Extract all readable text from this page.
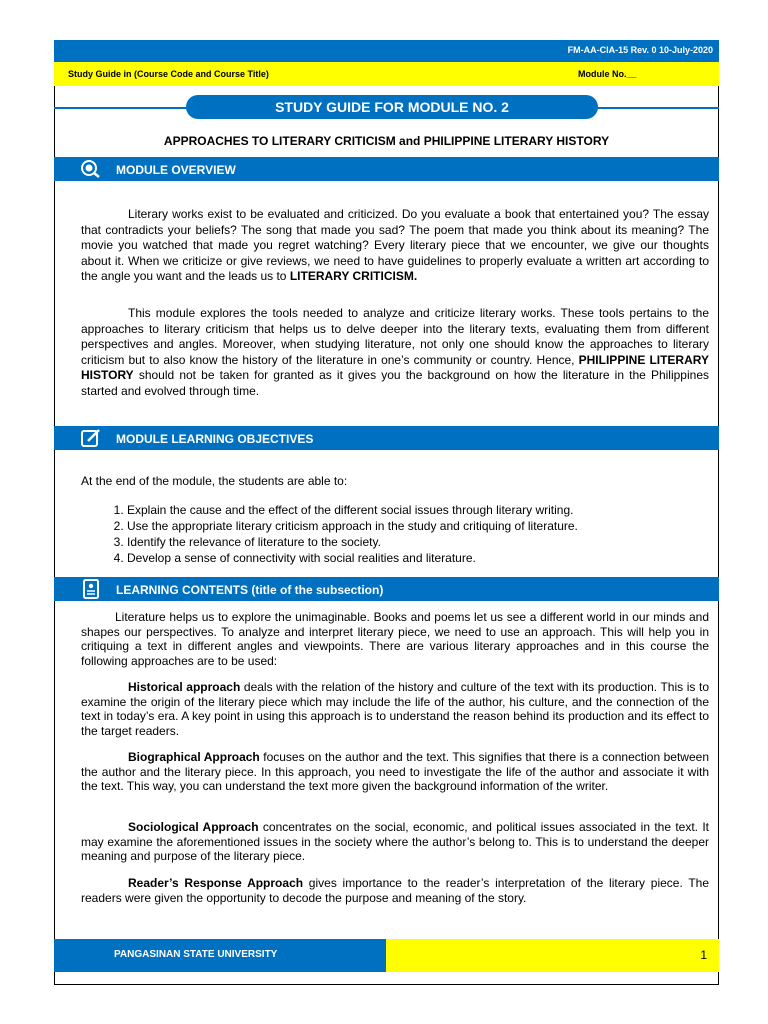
FM-AA-CIA-15 Rev. 0 10-July-2020
Study Guide in (Course Code and Course Title)	Module No.__
STUDY GUIDE FOR MODULE NO. 2
APPROACHES TO LITERARY CRITICISM and PHILIPPINE LITERARY HISTORY
MODULE OVERVIEW
Literary works exist to be evaluated and criticized. Do you evaluate a book that entertained you? The essay that contradicts your beliefs? The song that made you sad? The poem that made you think about its meaning? The movie you watched that made you regret watching? Every literary piece that we encounter, we give our thoughts about it. When we criticize or give reviews, we need to have guidelines to properly evaluate a written art according to the angle you want and the leads us to LITERARY CRITICISM.
This module explores the tools needed to analyze and criticize literary works. These tools pertains to the approaches to literary criticism that helps us to delve deeper into the literary texts, evaluating them from different perspectives and angles. Moreover, when studying literature, not only one should know the approaches to literary criticism but to also know the history of the literature in one’s community or country. Hence, PHILIPPINE LITERARY HISTORY should not be taken for granted as it gives you the background on how the literature in the Philippines started and evolved through time.
MODULE LEARNING OBJECTIVES
At the end of the module, the students are able to:
1. Explain the cause and the effect of the different social issues through literary writing.
2. Use the appropriate literary criticism approach in the study and critiquing of literature.
3. Identify the relevance of literature to the society.
4. Develop a sense of connectivity with social realities and literature.
LEARNING CONTENTS (title of the subsection)
Literature helps us to explore the unimaginable. Books and poems let us see a different world in our minds and shapes our perspectives. To analyze and interpret literary piece, we need to use an approach. This will help you in critiquing a text in different angles and viewpoints. There are various literary approaches and in this course the following approaches are to be used:
Historical approach deals with the relation of the history and culture of the text with its production. This is to examine the origin of the literary piece which may include the life of the author, his culture, and the connection of the text in today’s era. A key point in using this approach is to understand the reason behind its production and its effect to the target readers.
Biographical Approach focuses on the author and the text. This signifies that there is a connection between the author and the literary piece. In this approach, you need to investigate the life of the author and associate it with the text. This way, you can understand the text more given the background information of the writer.
Sociological Approach concentrates on the social, economic, and political issues associated in the text. It may examine the aforementioned issues in the society where the author’s belong to. This is to understand the deeper meaning and purpose of the literary piece.
Reader’s Response Approach gives importance to the reader’s interpretation of the literary piece. The readers were given the opportunity to decode the purpose and meaning of the story.
PANGASINAN STATE UNIVERSITY	1
